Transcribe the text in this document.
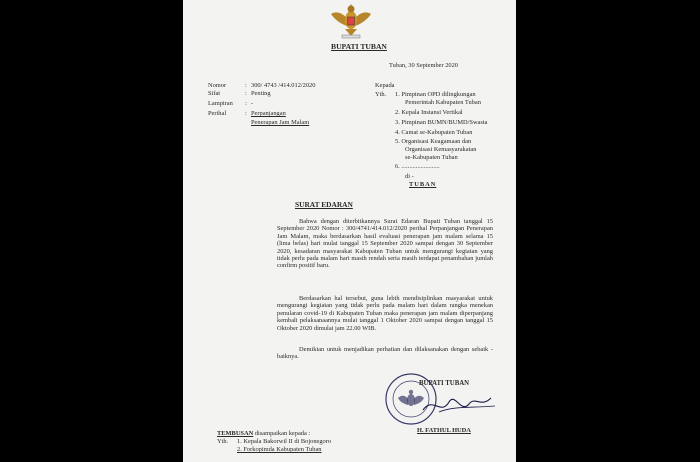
BUPATI TUBAN
Tuban, 30 September 2020
Nomor	: 300/ 4743 /414.012/2020
Sifat	: Penting
Lampiran : -
Perihal	: Perpanjangan
Penerapan Jam Malam
Kepada
Yth. 1. Pimpinan OPD dilingkungan
Pemerintah Kabupaten Tuban
2. Kepala Instansi Vertikal
3. Pimpinan BUMN/BUMD/Swasta
4. Camat se-Kabupaten Tuban
5. Organisasi Keagamaan dan
Organisasi Kemasyarakatan
se-Kabupaten Tuban
6. ........................
di -
TUBAN
SURAT EDARAN
Bahwa dengan diterbitkannya Surat Edaran Bupati Tuban tanggal 15 September 2020 Nomor : 300/4741/414.012/2020 perihal Perpanjangan Penerapan Jam Malam, maka berdasarkan hasil evaluasi penerapan jam malam selama 15 (lima belas) hari mulai tanggal 15 September 2020 sampai dengan 30 September 2020, kesadaran masyarakat Kabupaten Tuban untuk mengurangi kegiatan yang tidak perlu pada malam hari masih rendah serta masih terdapat penambahan jumlah confirm positif baru.
Berdasarkan hal tersebut, guna lebih mendisiplinkan masyarakat untuk mengurangi kegiatan yang tidak perlu pada malam hari dalam rangka menekan penularan covid-19 di Kabupaten Tuban maka penerapan jam malam diperpanjang kembali pelaksanaannya mulai tanggal 1 Oktober 2020 sampai dengan tanggal 15 Oktober 2020 dimulai jam 22.00 WIB.
Demikian untuk menjadikan perhatian dan dilaksanakan dengan sebaik - baiknya.
BUPATI TUBAN
H. FATHUL HUDA
TEMBUSAN disampaikan kepada :
Yth. 1. Kepala Bakorwil II di Bojonegoro
2. Forkopimda Kabupaten Tuban
